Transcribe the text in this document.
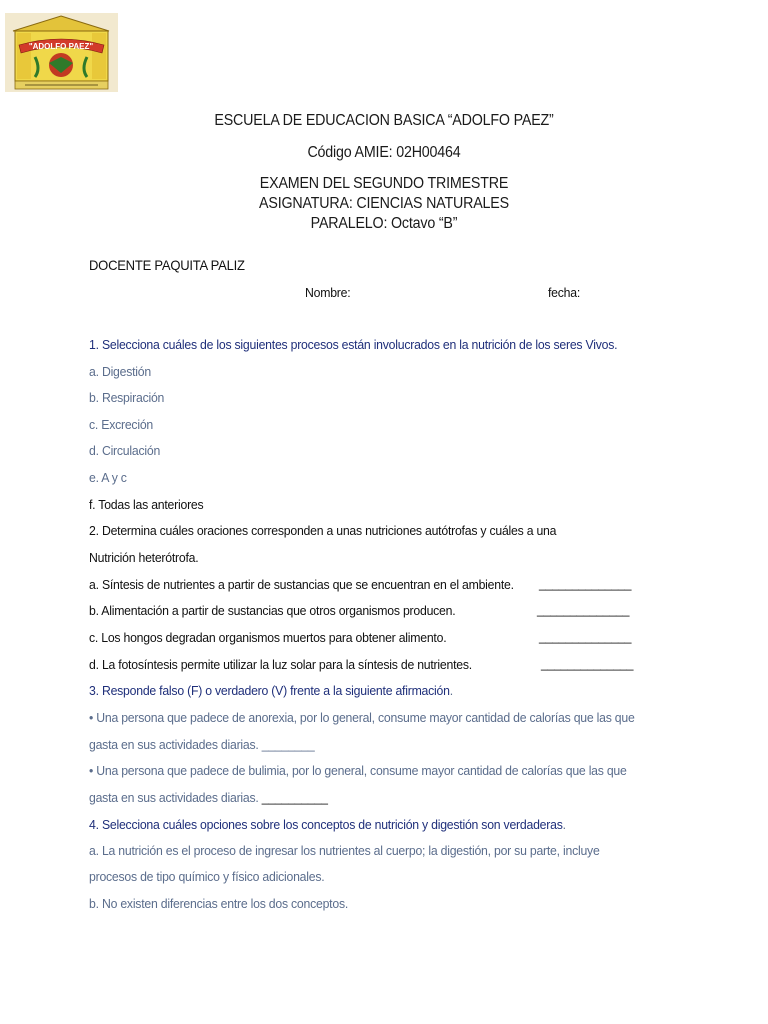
"ADOLFO PAEZ"
ESCUELA DE EDUCACION BASICA “ADOLFO PAEZ”
Código AMIE: 02H00464
EXAMEN DEL SEGUNDO TRIMESTRE
ASIGNATURA: CIENCIAS NATURALES
PARALELO: Octavo “B”
DOCENTE PAQUITA PALIZ
Nombre:	fecha:
1. Selecciona cuáles de los siguientes procesos están involucrados en la nutrición de los seres Vivos.
a. Digestión
b. Respiración
c. Excreción
d. Circulación
e. A y c
f. Todas las anteriores
2. Determina cuáles oraciones corresponden a unas nutriciones autótrofas y cuáles a una
Nutrición heterótrofa.
a. Síntesis de nutrientes a partir de sustancias que se encuentran en el ambiente. ______________
b. Alimentación a partir de sustancias que otros organismos producen.	______________
c. Los hongos degradan organismos muertos para obtener alimento.	______________
d. La fotosíntesis permite utilizar la luz solar para la síntesis de nutrientes.	______________
3. Responde falso (F) o verdadero (V) frente a la siguiente afirmación.
• Una persona que padece de anorexia, por lo general, consume mayor cantidad de calorías que las que
gasta en sus actividades diarias. ________
• Una persona que padece de bulimia, por lo general, consume mayor cantidad de calorías que las que
gasta en sus actividades diarias. __________
4. Selecciona cuáles opciones sobre los conceptos de nutrición y digestión son verdaderas.
a. La nutrición es el proceso de ingresar los nutrientes al cuerpo; la digestión, por su parte, incluye
procesos de tipo químico y físico adicionales.
b. No existen diferencias entre los dos conceptos.
